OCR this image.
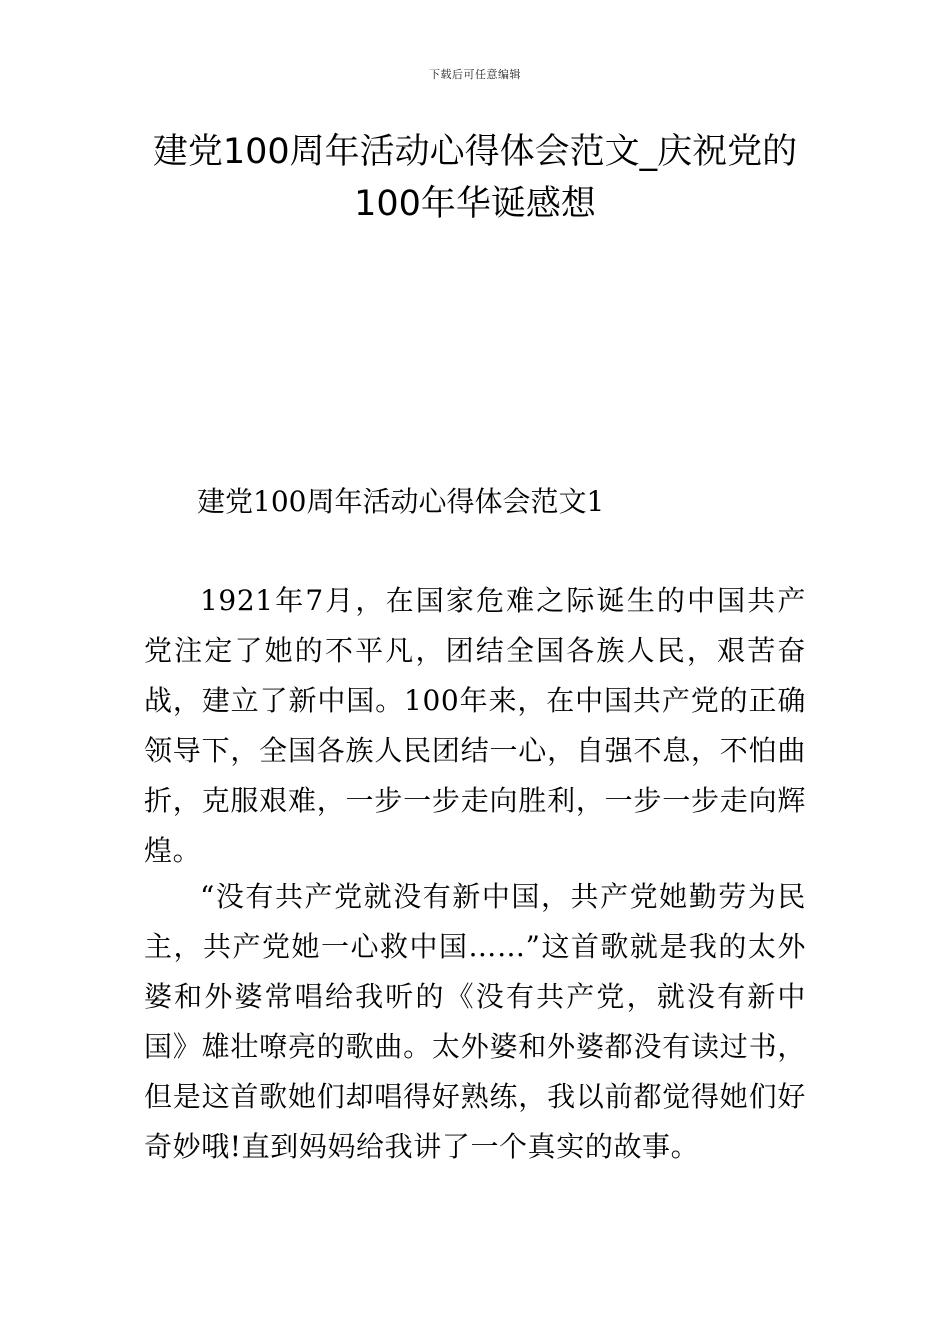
下载后可任意编辑
建党100周年活动心得体会范文_庆祝党的
100年华诞感想
建党100周年活动心得体会范文1

1921年7月，在国家危难之际诞生的中国共产党注定了她的不平凡，团结全国各族人民，艰苦奋战，建立了新中国。100年来，在中国共产党的正确领导下，全国各族人民团结一心，自强不息，不怕曲折，克服艰难，一步一步走向胜利，一步一步走向辉煌。

“没有共产党就没有新中国，共产党她勤劳为民主，共产党她一心救中国……”这首歌就是我的太外婆和外婆常唱给我听的《没有共产党，就没有新中国》雄壮嘹亮的歌曲。太外婆和外婆都没有读过书，但是这首歌她们却唱得好熟练，我以前都觉得她们好奇妙哦!直到妈妈给我讲了一个真实的故事。
